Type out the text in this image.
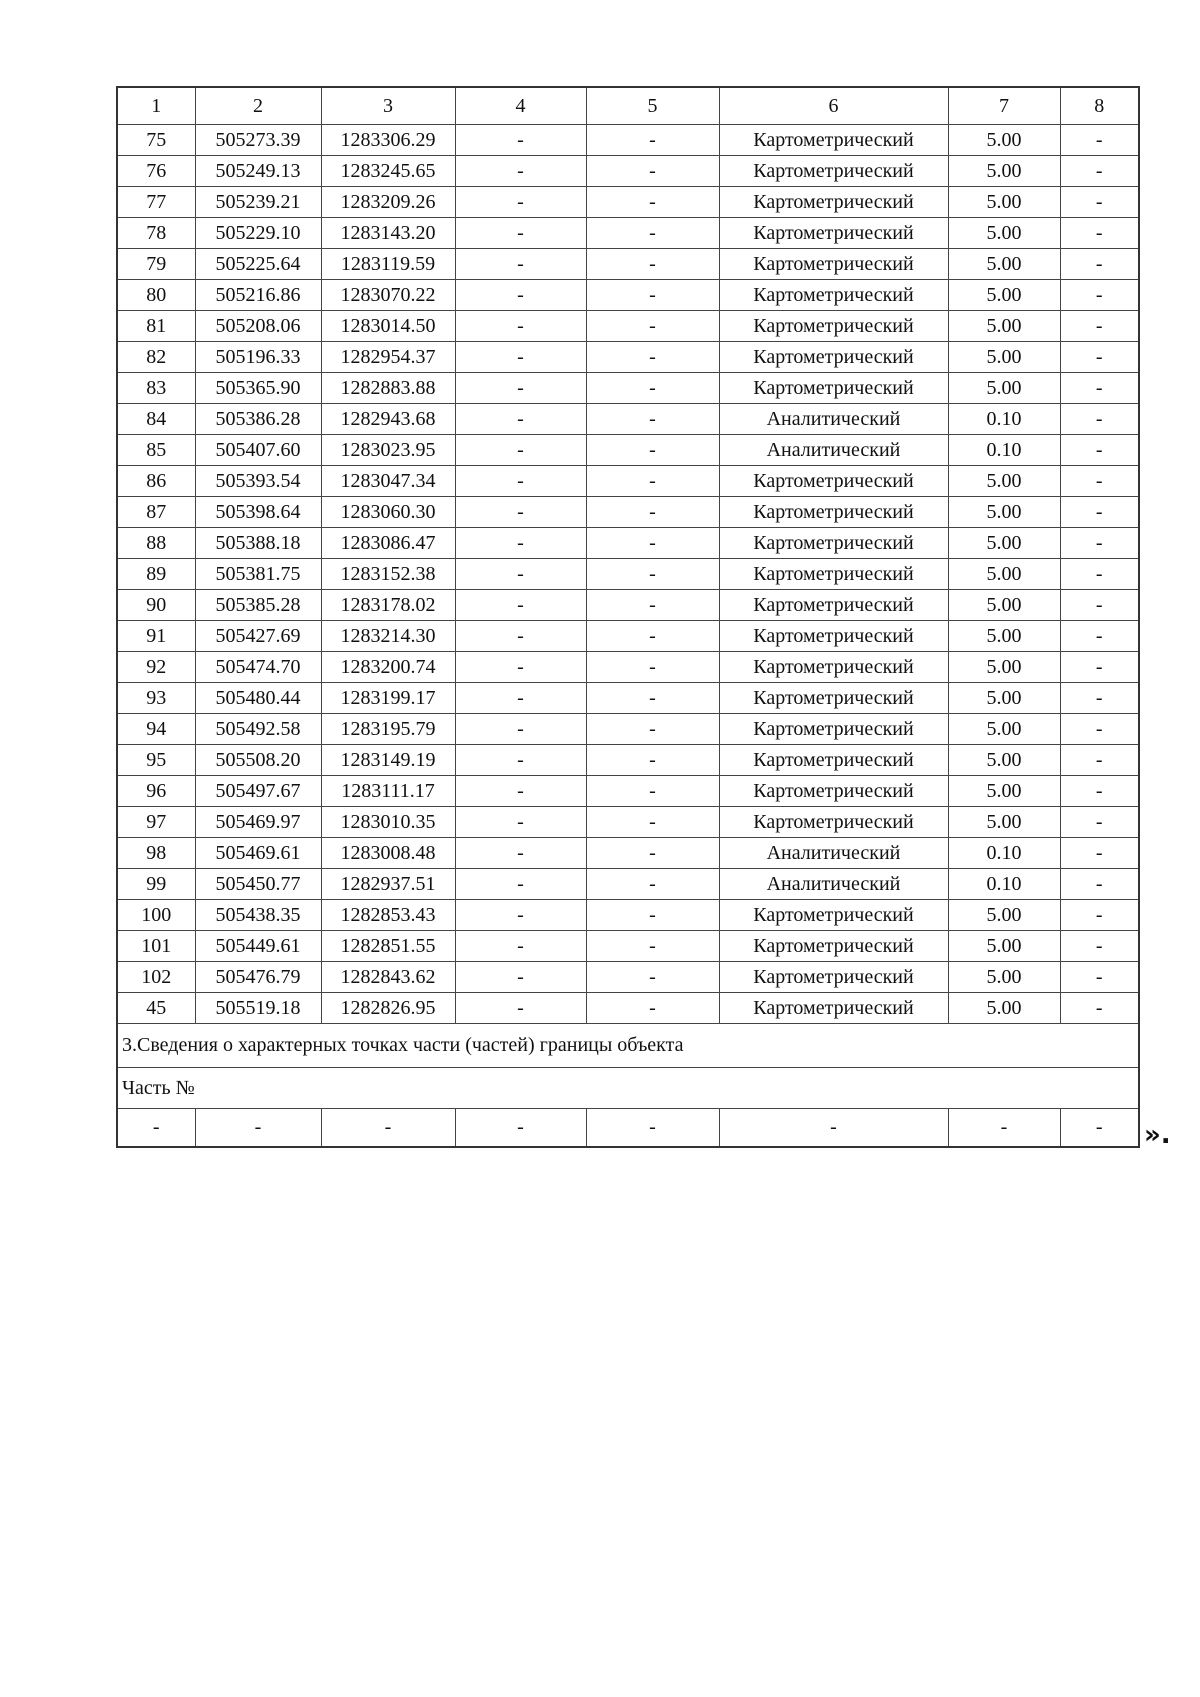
1	2	3	4	5	6	7	8
75	505273.39	1283306.29	-	-	Картометрический	5.00	-
76	505249.13	1283245.65	-	-	Картометрический	5.00	-
77	505239.21	1283209.26	-	-	Картометрический	5.00	-
78	505229.10	1283143.20	-	-	Картометрический	5.00	-
79	505225.64	1283119.59	-	-	Картометрический	5.00	-
80	505216.86	1283070.22	-	-	Картометрический	5.00	-
81	505208.06	1283014.50	-	-	Картометрический	5.00	-
82	505196.33	1282954.37	-	-	Картометрический	5.00	-
83	505365.90	1282883.88	-	-	Картометрический	5.00	-
84	505386.28	1282943.68	-	-	Аналитический	0.10	-
85	505407.60	1283023.95	-	-	Аналитический	0.10	-
86	505393.54	1283047.34	-	-	Картометрический	5.00	-
87	505398.64	1283060.30	-	-	Картометрический	5.00	-
88	505388.18	1283086.47	-	-	Картометрический	5.00	-
89	505381.75	1283152.38	-	-	Картометрический	5.00	-
90	505385.28	1283178.02	-	-	Картометрический	5.00	-
91	505427.69	1283214.30	-	-	Картометрический	5.00	-
92	505474.70	1283200.74	-	-	Картометрический	5.00	-
93	505480.44	1283199.17	-	-	Картометрический	5.00	-
94	505492.58	1283195.79	-	-	Картометрический	5.00	-
95	505508.20	1283149.19	-	-	Картометрический	5.00	-
96	505497.67	1283111.17	-	-	Картометрический	5.00	-
97	505469.97	1283010.35	-	-	Картометрический	5.00	-
98	505469.61	1283008.48	-	-	Аналитический	0.10	-
99	505450.77	1282937.51	-	-	Аналитический	0.10	-
100	505438.35	1282853.43	-	-	Картометрический	5.00	-
101	505449.61	1282851.55	-	-	Картометрический	5.00	-
102	505476.79	1282843.62	-	-	Картометрический	5.00	-
45	505519.18	1282826.95	-	-	Картометрический	5.00	-
3.Сведения о характерных точках части (частей) границы объекта							
Часть №							
-	-	-	-	-	-	-	- ».
